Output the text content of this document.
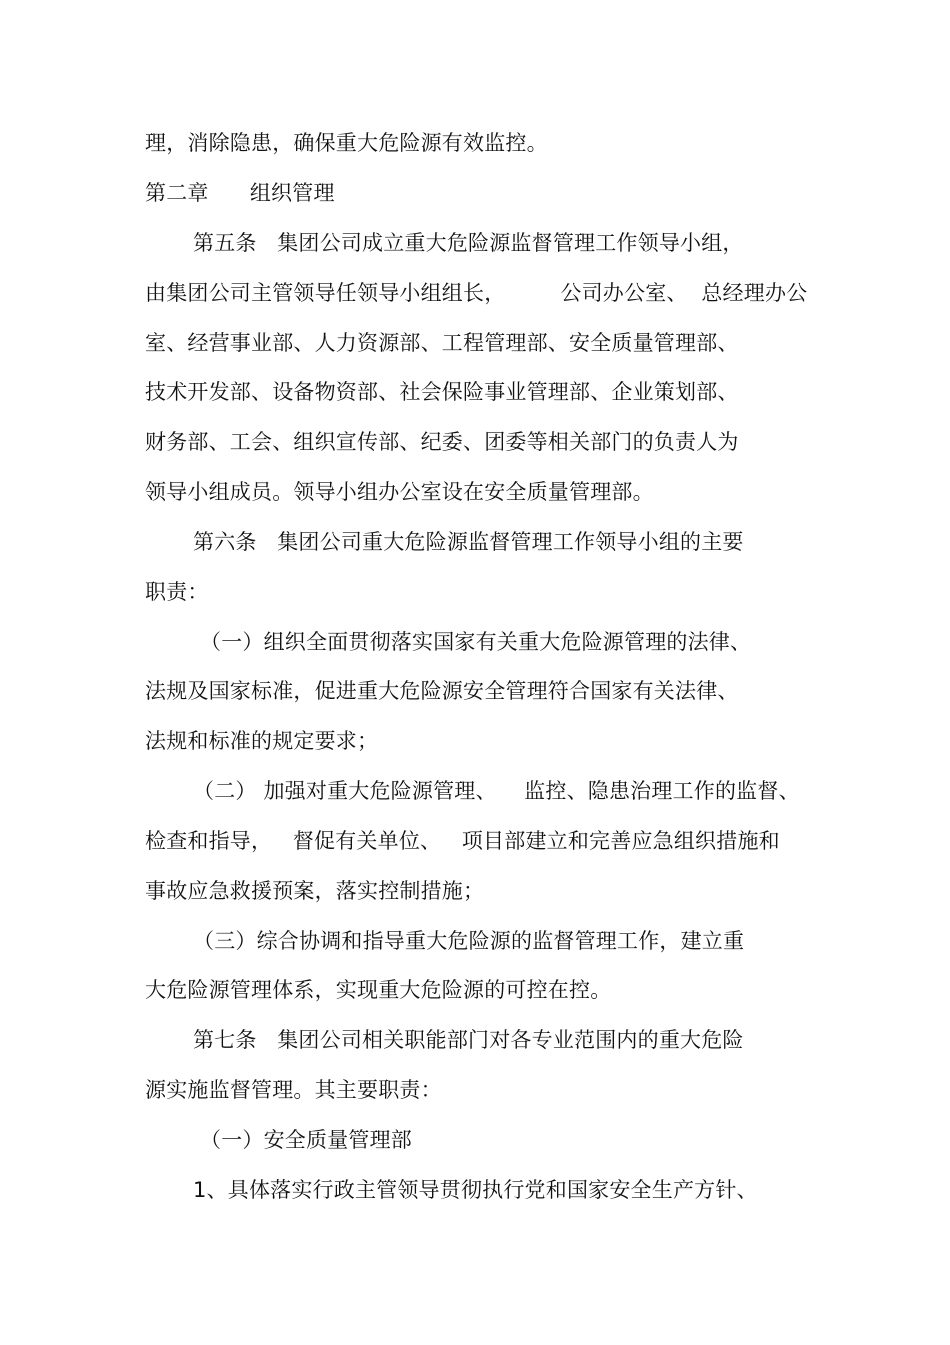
理，消除隐患，确保重大危险源有效监控。

第二章      组织管理

第五条   集团公司成立重大危险源监督管理工作领导小组，

由集团公司主管领导任领导小组组长，        公司办公室、  总经理办公

室、经营事业部、人力资源部、工程管理部、安全质量管理部、

技术开发部、设备物资部、社会保险事业管理部、企业策划部、

财务部、工会、组织宣传部、纪委、团委等相关部门的负责人为

领导小组成员。领导小组办公室设在安全质量管理部。

第六条   集团公司重大危险源监督管理工作领导小组的主要

职责：

（一）组织全面贯彻落实国家有关重大危险源管理的法律、

法规及国家标准，促进重大危险源安全管理符合国家有关法律、

法规和标准的规定要求；

（二） 加强对重大危险源管理、    监控、隐患治理工作的监督、

检查和指导，   督促有关单位、   项目部建立和完善应急组织措施和

事故应急救援预案，落实控制措施；

（三）综合协调和指导重大危险源的监督管理工作，建立重

大危险源管理体系，实现重大危险源的可控在控。

第七条   集团公司相关职能部门对各专业范围内的重大危险

源实施监督管理。其主要职责：

（一）安全质量管理部

1、具体落实行政主管领导贯彻执行党和国家安全生产方针、
